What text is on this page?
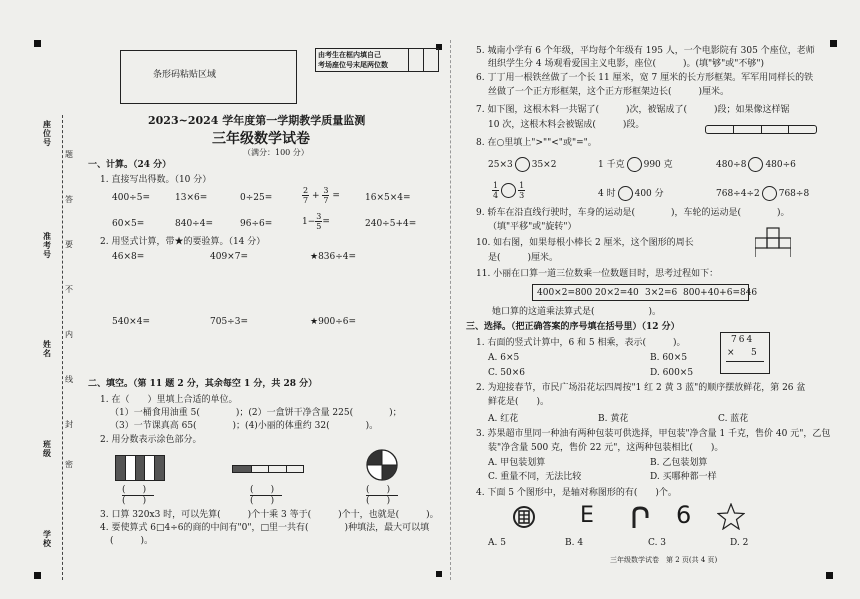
座位号
准考号
姓名
班级
学校
题
答
要
不
内
线
封
密
条形码粘贴区域
由考生在框内填自己
考场座位号末尾两位数
2023~2024 学年度第一学期教学质量监测
三年级数学试卷
（满分：100 分）
一、计算。（24 分）
1. 直接写出得数。（10 分）
400÷5=	13×6=	0÷25=	$\frac{2}{7} + \frac{3}{7}$ =	16×5×4=
60×5=	840÷4=	96÷6=	$1- \frac{3}{5}$ =	240÷5+4=
2. 用竖式计算，带★的要验算。（14 分）
46×8=	409×7=	★836÷4=
540×4=	705÷3=	★900÷6=
二、填空。（第 11 题 2 分，其余每空 1 分，共 28 分）
1. 在（　　）里填上合适的单位。
（1）一桶食用油重 5(　　　　)；(2）一盒饼干净含量 225(　　　　)；
（3）一节课真高 65(　　　　)；(4)小丽的体重约 32(　　　　)。
2. 用分数表示涂色部分。
(      )
(      )
(      )
(      )
(      )
(      )
3. 口算 320x3 时，可以先算(　　　)个十乘 3 等于(　　　)个十，也就是(　　　)。
4. 要使算式 6□4÷6的商的中间有"0"，□里一共有(　　　　)种填法，最大可以填
(　　　)。
5. 城南小学有 6 个年级，平均每个年级有 195 人，一个电影院有 305 个座位，老师
组织学生分 4 场观看爱国主义电影，座位(　　　)。(填"够"或"不够")
6. 丁丁用一根铁丝做了一个长 11 厘米，宽 7 厘米的长方形框架。军军用同样长的铁
丝做了一个正方形框架，这个正方形框架边长(　　　)厘米。
7. 如下图，这根木料一共锯了(　　　)次，被锯成了(　　　)段；如果像这样锯
10 次，这根木料会被锯成(　　　)段。
8. 在○里填上">""<"或"="。
25×3 35×2	1 千克 990 克	480÷8 480÷6
$\frac{1}{4} \frac{1}{3}$	4 时 400 分	768÷4÷2 768÷8
9. 轿车在沿直线行驶时，车身的运动是(　　　　)，车轮的运动是(　　　　)。
（填"平移"或"旋转"）
10. 如右图，如果每根小棒长 2 厘米，这个图形的周长
是(　　　)厘米。
11. 小丽在口算一道三位数乘一位数题目时，思考过程如下：
400×2=800 20×2=40 3×2=6 800+40+6=846
她口算的这道乘法算式是(　　　　　　)。
三、选择。（把正确答案的序号填在括号里）（12 分）
1. 右面的竖式计算中，6 和 5 相乘，表示(　　　)。	764
× 5
A. 6×5	B. 60×5
C. 50×6	D. 600×5
2. 为迎接春节，市民广场沿花坛四周按"1 红 2 黄 3 蓝"的顺序摆放鲜花，第 26 盆
鲜花是(　　)。
A. 红花	B. 黄花	C. 蓝花
3. 苏果超市里同一种油有两种包装可供选择，甲包装"净含量 1 千克，售价 40 元"，乙包
装"净含量 500 克，售价 22 元"，这两种包装相比(　　)。
A. 甲包装划算	B. 乙包装划算
C. 重量不同，无法比较	D. 买哪种都一样
4. 下面 5 个图形中，是轴对称图形的有(　　)个。
E	6
A. 5	B. 4	C. 3	D. 2
三年级数学试卷　第 2 页(共 4 页)
